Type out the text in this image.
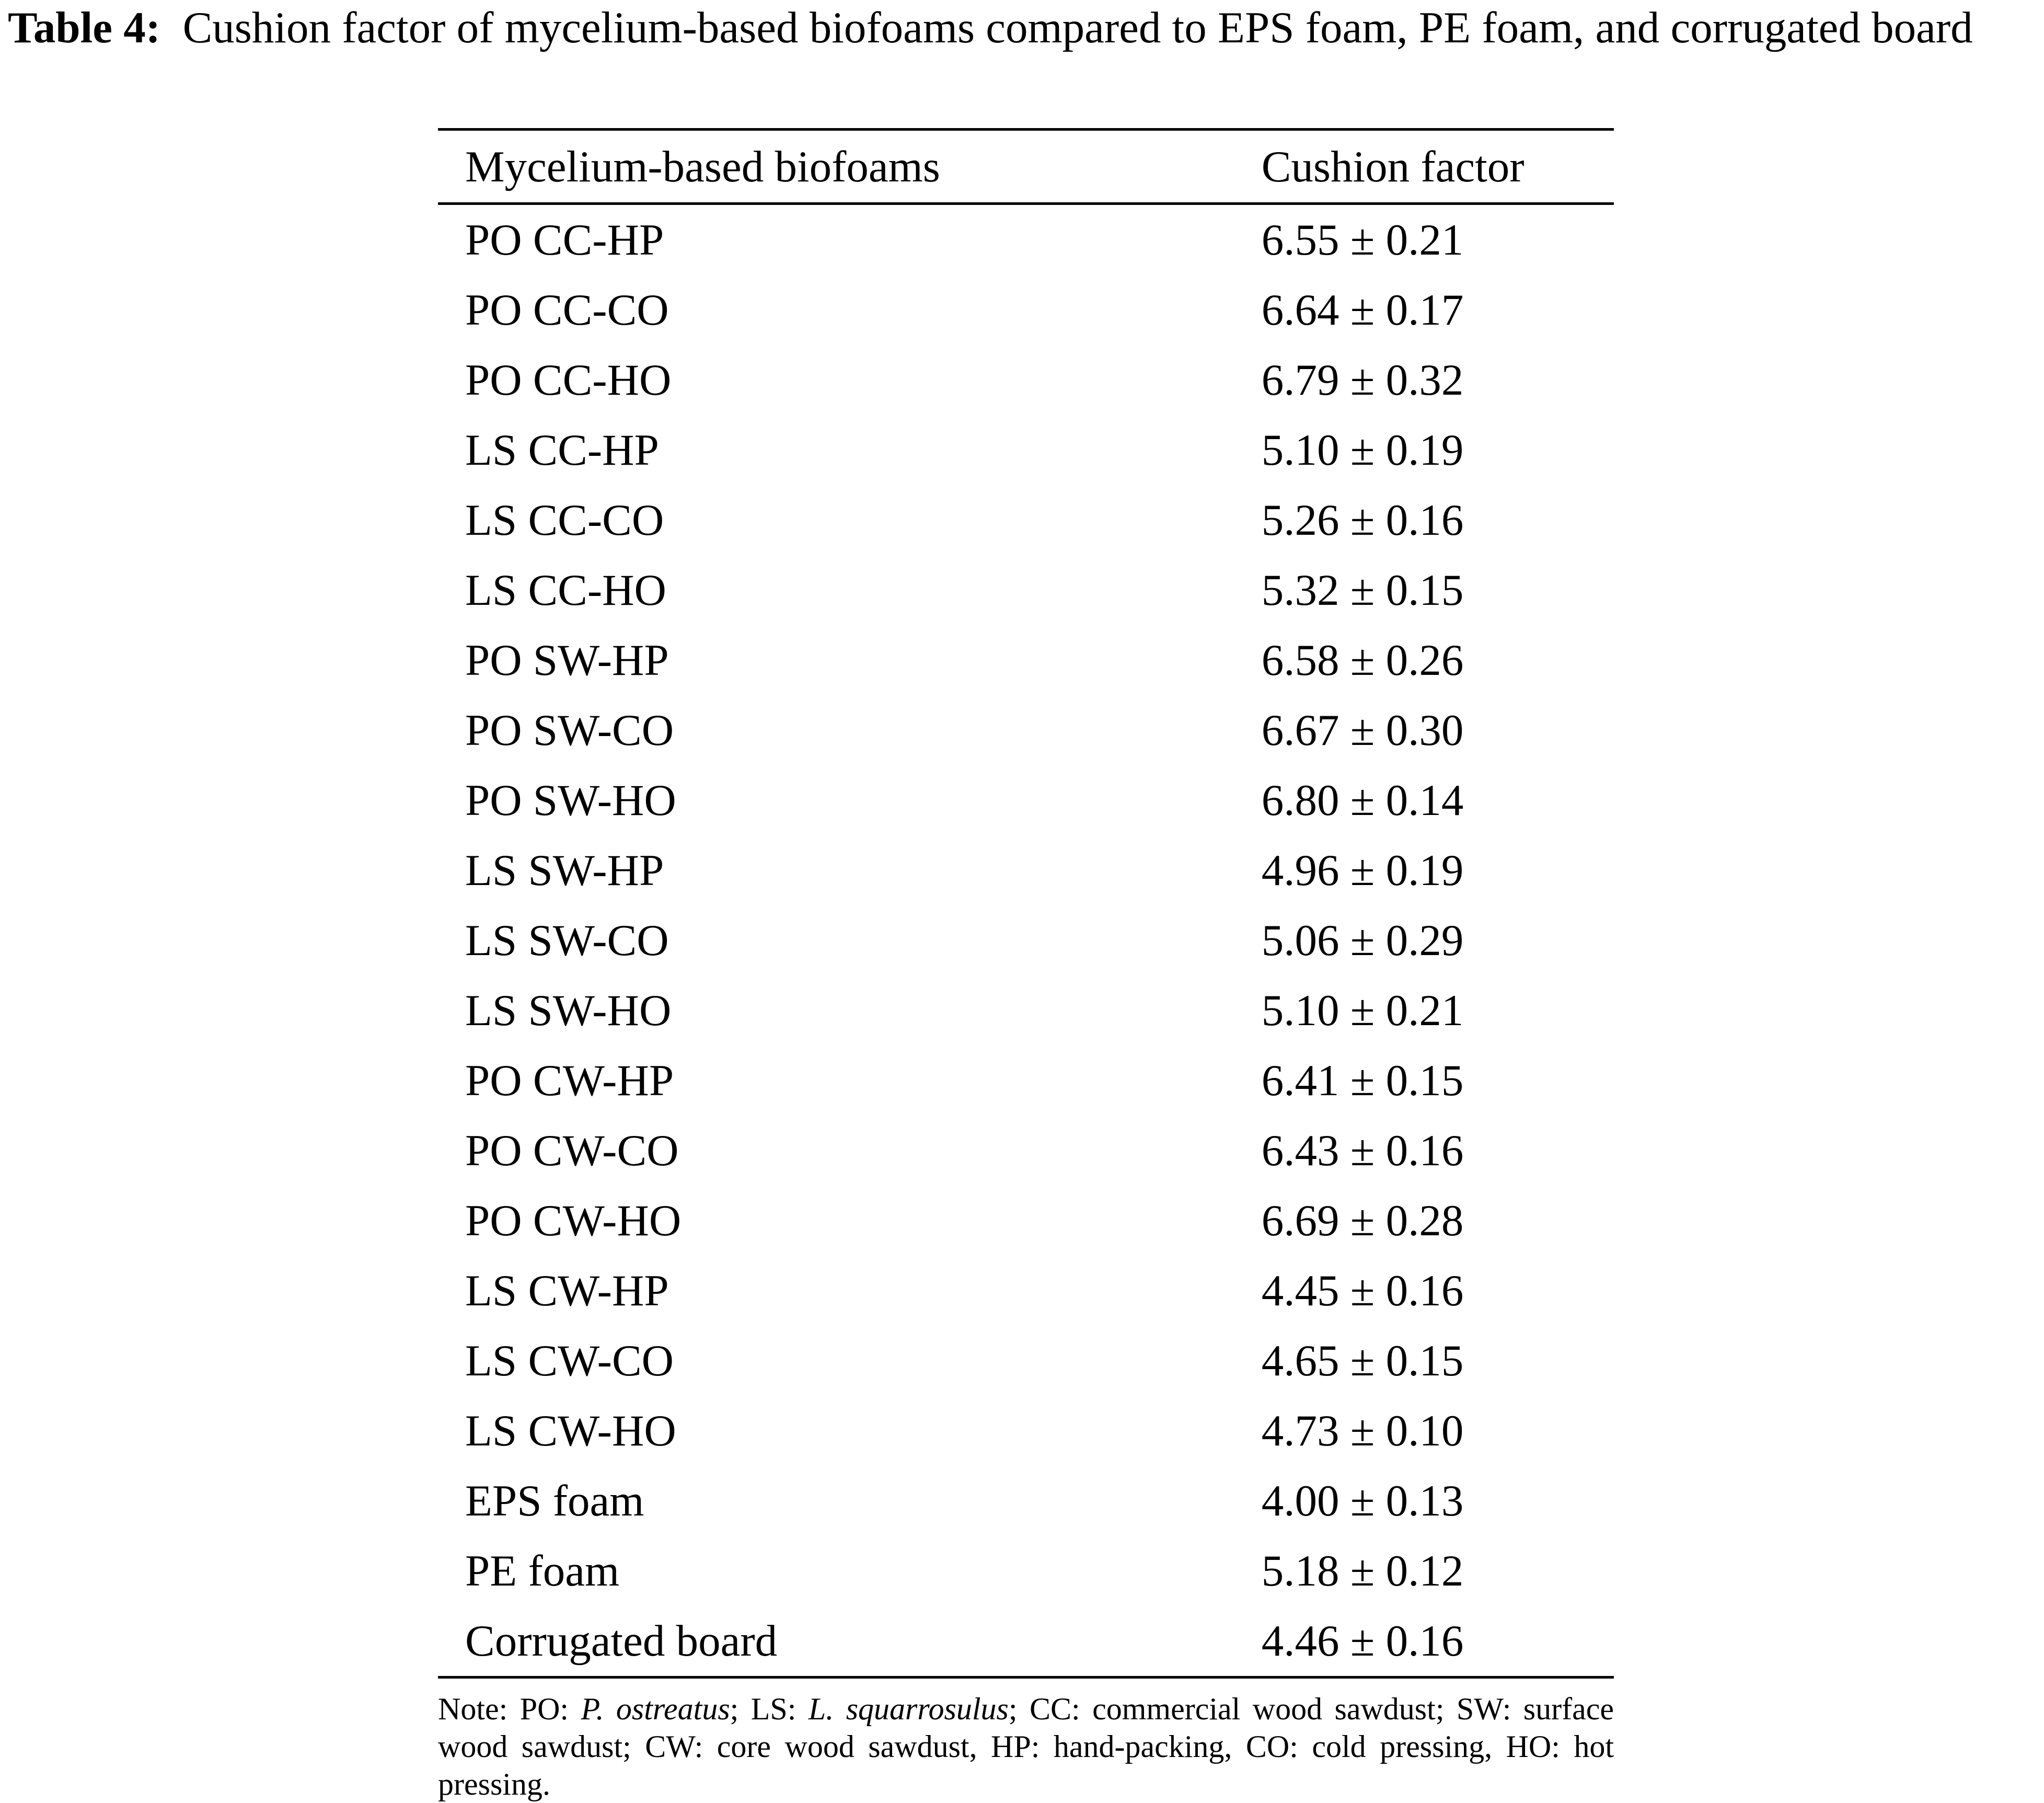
Table 4: Cushion factor of mycelium-based biofoams compared to EPS foam, PE foam, and corrugated board

Mycelium-based biofoams	Cushion factor
PO CC-HP	6.55 ± 0.21
PO CC-CO	6.64 ± 0.17
PO CC-HO	6.79 ± 0.32
LS CC-HP	5.10 ± 0.19
LS CC-CO	5.26 ± 0.16
LS CC-HO	5.32 ± 0.15
PO SW-HP	6.58 ± 0.26
PO SW-CO	6.67 ± 0.30
PO SW-HO	6.80 ± 0.14
LS SW-HP	4.96 ± 0.19
LS SW-CO	5.06 ± 0.29
LS SW-HO	5.10 ± 0.21
PO CW-HP	6.41 ± 0.15
PO CW-CO	6.43 ± 0.16
PO CW-HO	6.69 ± 0.28
LS CW-HP	4.45 ± 0.16
LS CW-CO	4.65 ± 0.15
LS CW-HO	4.73 ± 0.10
EPS foam	4.00 ± 0.13
PE foam	5.18 ± 0.12
Corrugated board	4.46 ± 0.16
Note: PO: P. ostreatus; LS: L. squarrosulus; CC: commercial wood sawdust; SW: surface wood sawdust; CW: core wood sawdust, HP: hand-packing, CO: cold pressing, HO: hot pressing.
